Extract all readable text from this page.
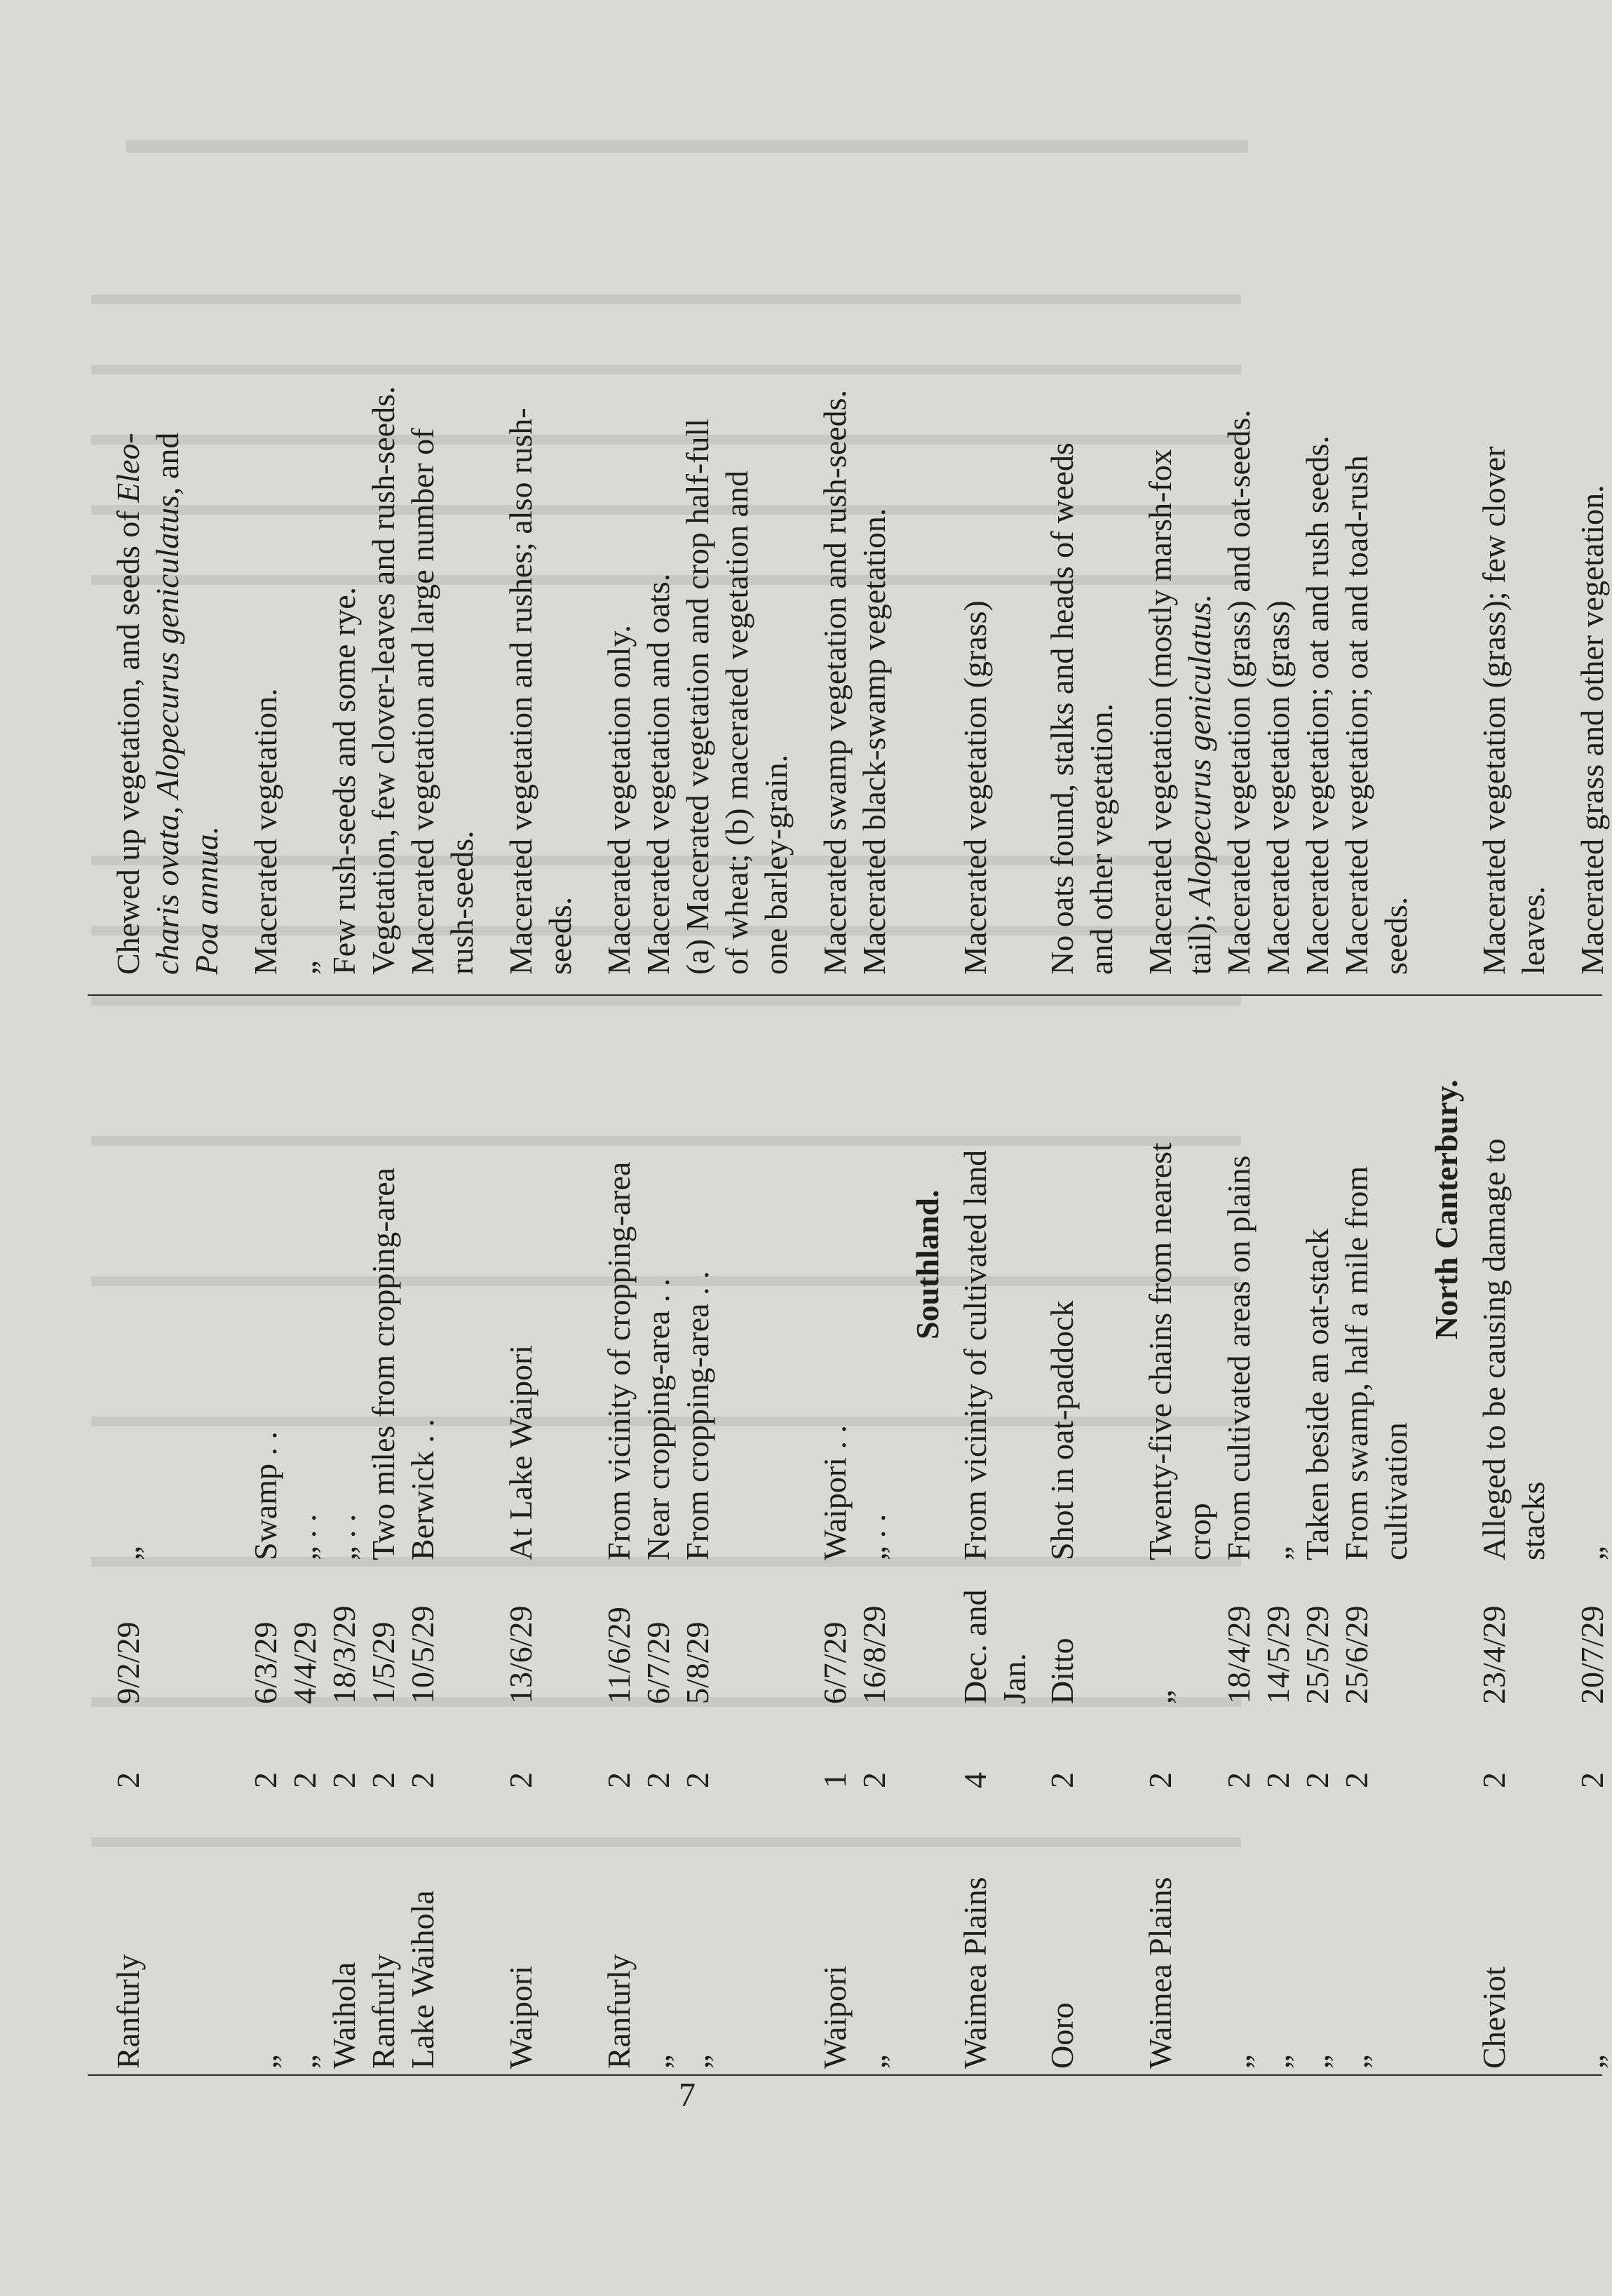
Ranfurly
2
9/2/29
„
Chewed up vegetation, and seeds of Eleo-
charis ovata, Alopecurus geniculatus, and
Poa annua.
„
2
6/3/29
Swamp . .
Macerated vegetation.
„
2
4/4/29
„ . .
„
Waihola
2
18/3/29
„ . .
Few rush-seeds and some rye.
Ranfurly
2
1/5/29
Two miles from cropping-area
Vegetation, few clover-leaves and rush-seeds.
Lake Waihola
2
10/5/29
Berwick . .
Macerated vegetation and large number of rush-seeds.
Waipori
2
13/6/29
At Lake Waipori
Macerated vegetation and rushes; also rush- seeds.
Ranfurly
2
11/6/29
From vicinity of cropping-area
Macerated vegetation only.
„
2
6/7/29
Near cropping-area . .
Macerated vegetation and oats.
„
2
5/8/29
From cropping-area . .
(a) Macerated vegetation and crop half-full of wheat; (b) macerated vegetation and one barley-grain.
Waipori
1
6/7/29
Waipori . .
Macerated swamp vegetation and rush-seeds.
„
2
16/8/29
„ . .
Macerated black-swamp vegetation.
Waimea Plains
4
Dec. and
From vicinity of cultivated land
Macerated vegetation (grass)
Jan.
Ooro
2
Ditto
Shot in oat-paddock
No oats found, stalks and heads of weeds and other vegetation.
Waimea Plains
2
„
Twenty-five chains from nearest
Macerated vegetation (mostly marsh-fox
crop
tail); Alopecurus geniculatus.
„
2
18/4/29
From cultivated areas on plains
Macerated vegetation (grass) and oat-seeds.
„
2
14/5/29
„
Macerated vegetation (grass)
„
2
25/5/29
Taken beside an oat-stack
Macerated vegetation; oat and rush seeds.
„
2
25/6/29
From swamp, half a mile from
Macerated vegetation; oat and toad-rush
cultivation
seeds.
Cheviot
2
23/4/29
Alleged to be causing damage to
Macerated vegetation (grass); few clover
stacks
leaves.
„
2
20/7/29
„
Macerated grass and other vegetation.
Southland.	North Canterbury.
7
